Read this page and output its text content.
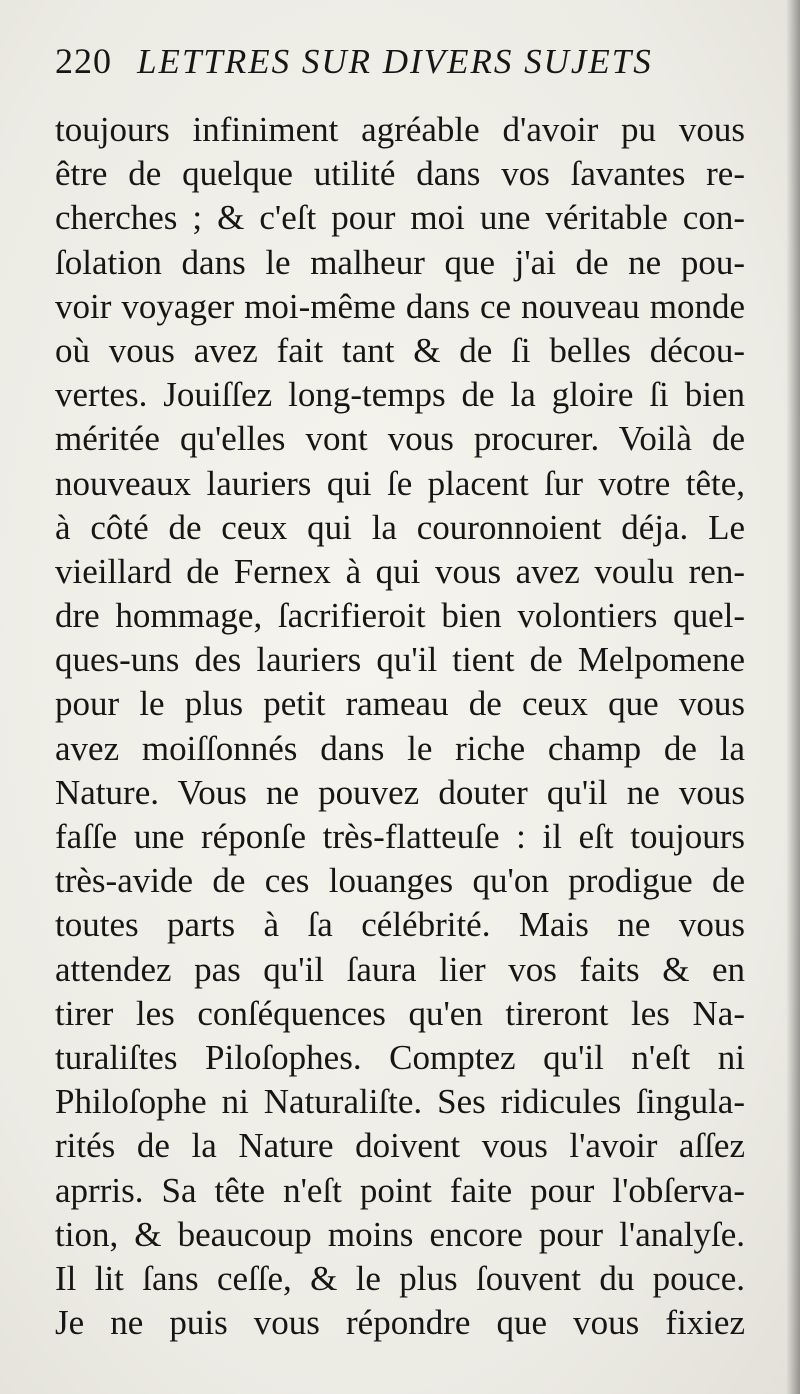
220 LETTRES SUR DIVERS SUJETS
toujours infiniment agréable d'avoir pu vous
être de quelque utilité dans vos ſavantes re-
cherches ; & c'eſt pour moi une véritable con-
ſolation dans le malheur que j'ai de ne pou-
voir voyager moi-même dans ce nouveau monde
où vous avez fait tant & de ſi belles décou-
vertes. Jouiſſez long-temps de la gloire ſi bien
méritée qu'elles vont vous procurer. Voilà de
nouveaux lauriers qui ſe placent ſur votre tête,
à côté de ceux qui la couronnoient déja. Le
vieillard de Fernex à qui vous avez voulu ren-
dre hommage, ſacrifieroit bien volontiers quel-
ques-uns des lauriers qu'il tient de Melpomene
pour le plus petit rameau de ceux que vous
avez moiſſonnés dans le riche champ de la
Nature. Vous ne pouvez douter qu'il ne vous
faſſe une réponſe très-flatteuſe : il eſt toujours
très-avide de ces louanges qu'on prodigue de
toutes parts à ſa célébrité. Mais ne vous
attendez pas qu'il ſaura lier vos faits & en
tirer les conſéquences qu'en tireront les Na-
turaliſtes Piloſophes. Comptez qu'il n'eſt ni
Philoſophe ni Naturaliſte. Ses ridicules ſingula-
rités de la Nature doivent vous l'avoir aſſez
aprris. Sa tête n'eſt point faite pour l'obſerva-
tion, & beaucoup moins encore pour l'analyſe.
Il lit ſans ceſſe, & le plus ſouvent du pouce.
Je ne puis vous répondre que vous fixiez
